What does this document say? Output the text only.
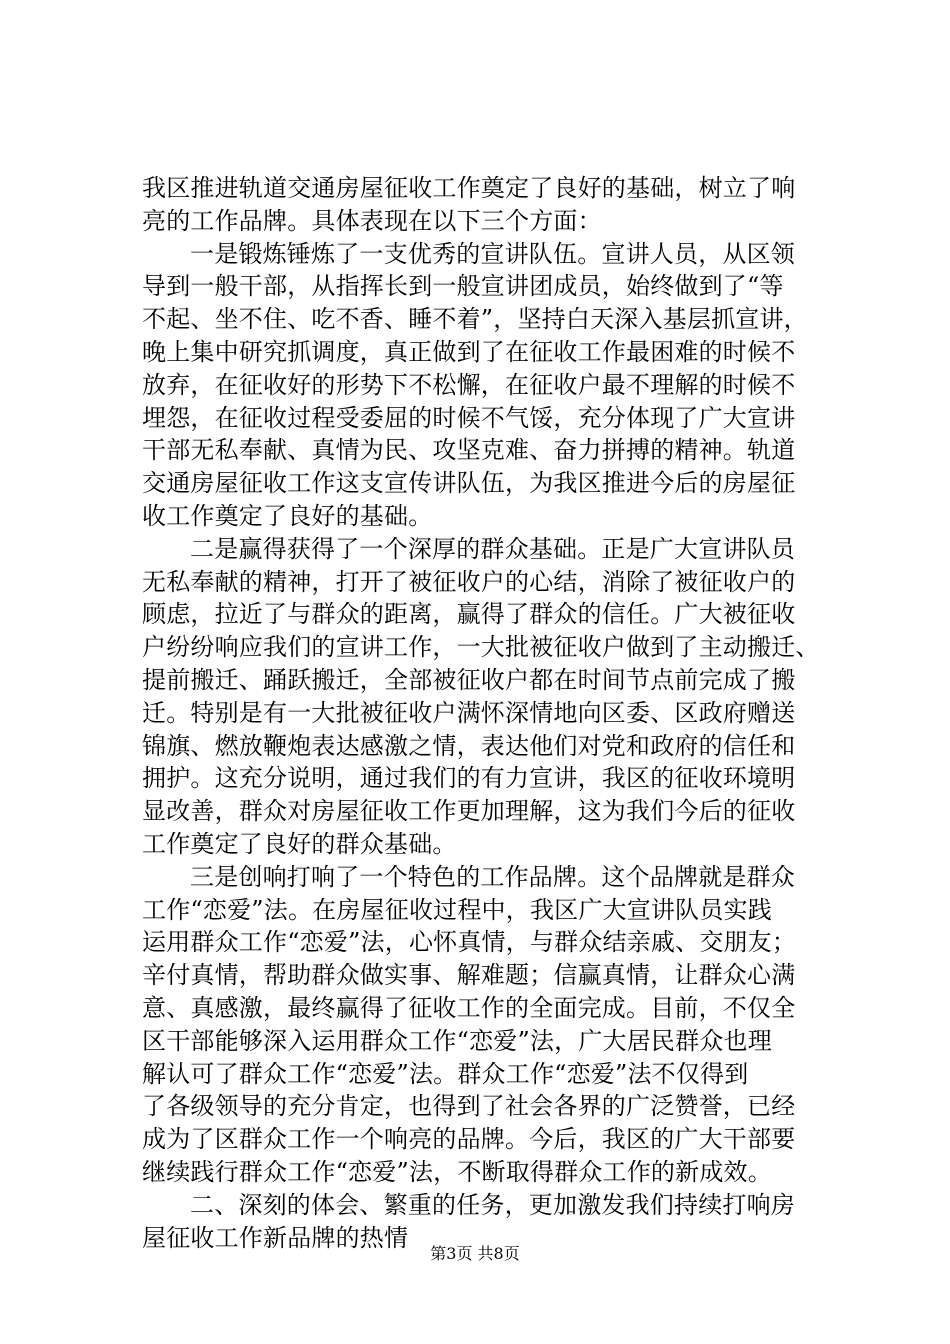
我区推进轨道交通房屋征收工作奠定了良好的基础，树立了响
亮的工作品牌。具体表现在以下三个方面：
一是锻炼锤炼了一支优秀的宣讲队伍。宣讲人员，从区领
导到一般干部，从指挥长到一般宣讲团成员，始终做到了“等
不起、坐不住、吃不香、睡不着”，坚持白天深入基层抓宣讲，
晚上集中研究抓调度，真正做到了在征收工作最困难的时候不
放弃，在征收好的形势下不松懈，在征收户最不理解的时候不
埋怨，在征收过程受委屈的时候不气馁，充分体现了广大宣讲
干部无私奉献、真情为民、攻坚克难、奋力拼搏的精神。轨道
交通房屋征收工作这支宣传讲队伍，为我区推进今后的房屋征
收工作奠定了良好的基础。
二是赢得获得了一个深厚的群众基础。正是广大宣讲队员
无私奉献的精神，打开了被征收户的心结，消除了被征收户的
顾虑，拉近了与群众的距离，赢得了群众的信任。广大被征收
户纷纷响应我们的宣讲工作，一大批被征收户做到了主动搬迁、
提前搬迁、踊跃搬迁，全部被征收户都在时间节点前完成了搬
迁。特别是有一大批被征收户满怀深情地向区委、区政府赠送
锦旗、燃放鞭炮表达感激之情，表达他们对党和政府的信任和
拥护。这充分说明，通过我们的有力宣讲，我区的征收环境明
显改善，群众对房屋征收工作更加理解，这为我们今后的征收
工作奠定了良好的群众基础。
三是创响打响了一个特色的工作品牌。这个品牌就是群众
工作“恋爱”法。在房屋征收过程中，我区广大宣讲队员实践
运用群众工作“恋爱”法，心怀真情，与群众结亲戚、交朋友；
辛付真情，帮助群众做实事、解难题；信赢真情，让群众心满
意、真感激，最终赢得了征收工作的全面完成。目前，不仅全
区干部能够深入运用群众工作“恋爱”法，广大居民群众也理
解认可了群众工作“恋爱”法。群众工作“恋爱”法不仅得到
了各级领导的充分肯定，也得到了社会各界的广泛赞誉，已经
成为了区群众工作一个响亮的品牌。今后，我区的广大干部要
继续践行群众工作“恋爱”法，不断取得群众工作的新成效。
二、深刻的体会、繁重的任务，更加激发我们持续打响房
屋征收工作新品牌的热情
第3页 共8页
